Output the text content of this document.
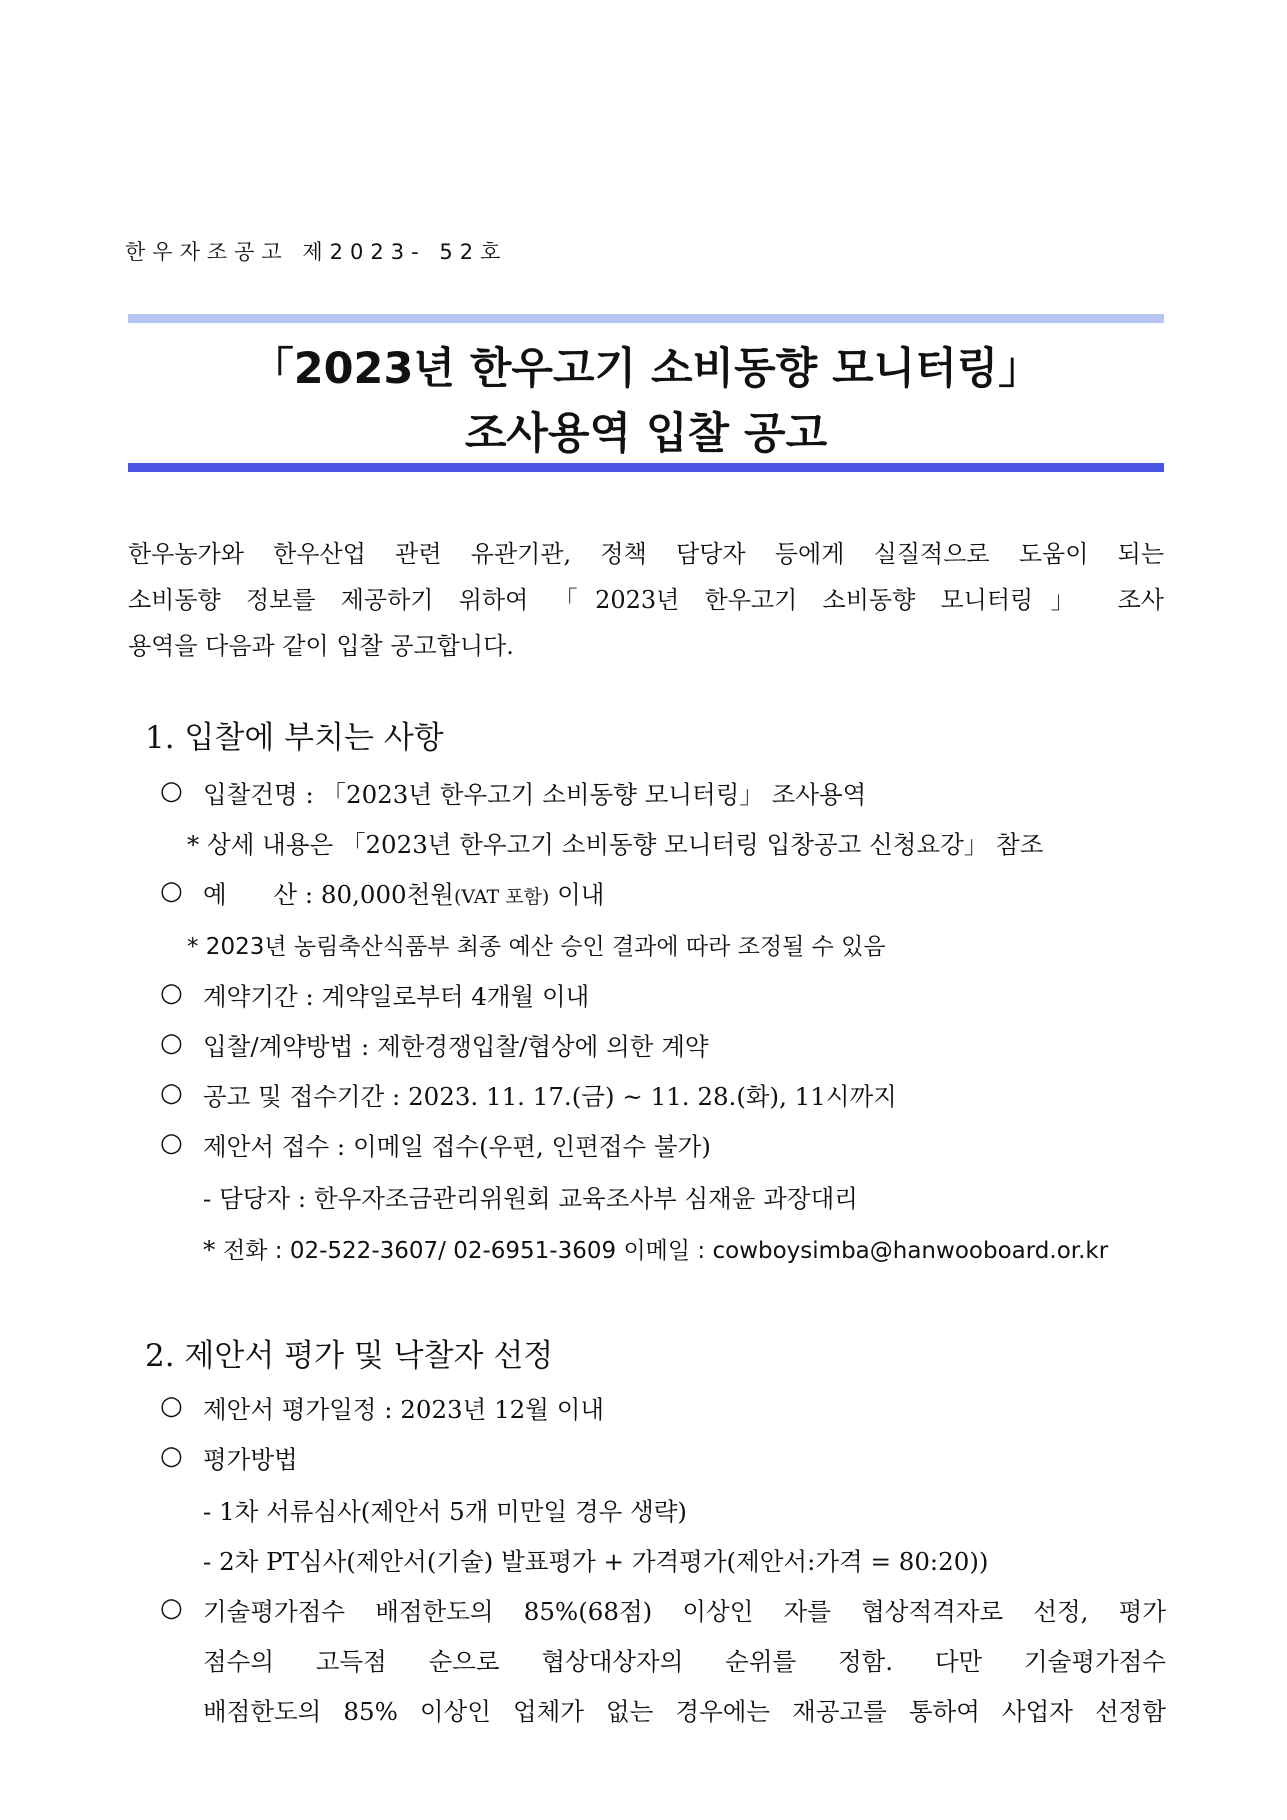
한우자조공고 제2023- 52호
「2023년 한우고기 소비동향 모니터링」
조사용역 입찰 공고
한우농가와 한우산업 관련 유관기관, 정책 담당자 등에게 실질적으로 도움이 되는
소비동향 정보를 제공하기 위하여 「2023년 한우고기 소비동향 모니터링」 조사
용역을 다음과 같이 입찰 공고합니다.
1. 입찰에 부치는 사항
○ 입찰건명 : 「2023년 한우고기 소비동향 모니터링」 조사용역
* 상세 내용은 「2023년 한우고기 소비동향 모니터링 입창공고 신청요강」 참조
○ 예      산 : 80,000천원(VAT 포함) 이내
* 2023년 농림축산식품부 최종 예산 승인 결과에 따라 조정될 수 있음
○ 계약기간 : 계약일로부터 4개월 이내
○ 입찰/계약방법 : 제한경쟁입찰/협상에 의한 계약
○ 공고 및 접수기간 : 2023. 11. 17.(금) ~ 11. 28.(화), 11시까지
○ 제안서 접수 : 이메일 접수(우편, 인편접수 불가)
- 담당자 : 한우자조금관리위원회 교육조사부 심재윤 과장대리
* 전화 : 02-522-3607/ 02-6951-3609 이메일 : cowboysimba@hanwooboard.or.kr
2. 제안서 평가 및 낙찰자 선정
○ 제안서 평가일정 : 2023년 12월 이내
○ 평가방법
- 1차 서류심사(제안서 5개 미만일 경우 생략)
- 2차 PT심사(제안서(기술) 발표평가 + 가격평가(제안서:가격 = 80:20))
○ 기술평가점수 배점한도의 85%(68점) 이상인 자를 협상적격자로 선정, 평가
점수의 고득점 순으로 협상대상자의 순위를 정함. 다만 기술평가점수
배점한도의 85% 이상인 업체가 없는 경우에는 재공고를 통하여 사업자 선정함
